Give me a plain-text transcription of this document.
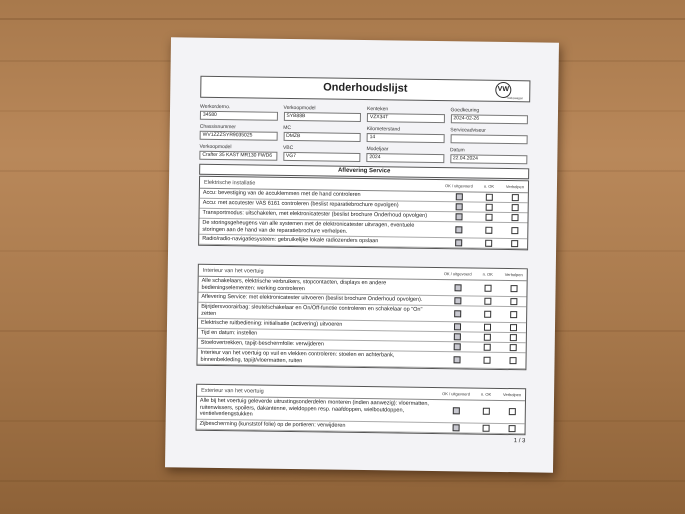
Onderhoudslijst	VW
Volkswagen
Werkorderno.
34580
Verkoopmodel
SYB88B
Kenteken
VZX34T
Goedkeuring
2024-02-26
Chassisnummer
WV1ZZZSYR9035025
MC
DMZB
Kilometerstand
14
Serviceadviseur
Verkoopmodel
Crafter 35 KAST MR130 FWD6
VBC
VG7
Modeljaar
2024
Datum
22.04.2024
Aflevering Service
Elektrische installatie	OK / uitgevoerd	n. OK	Verholpen
Accu: bevestiging van de accuklemmen met de hand controleren
Accu: met accutester VAS 6161 controleren (beslist reparatiebrochure opvolgen)
Transportmodus: uitschakelen, met elektronicatester (beslist brochure Onderhoud opvolgen)
De storingsgeheugens van alle systemen met de elektronicatester uitvragen, eventuele storingen aan de hand van de reparatiebrochure verhelpen.
Radio/radio-navigatiesysteem: gebruikelijke lokale radiozenders opslaan
Interieur van het voertuig	OK / uitgevoerd	n. OK	Verholpen
Alle schakelaars, elektrische verbruikers, stopcontacten, displays en andere bedieningselementen: werking controleren
Aflevering Service: met elektronicatester uitvoeren (beslist brochure Onderhoud opvolgen).
Bijrijdersvoorairbag: sleutelschakelaar en On/Off-functie controleren en schakelaar op "On" zetten
Elektrische ruitbediening: initialisatie (activering) uitvoeren
Tijd en datum: instellen
Stoelovertrekken, tapijt-beschermfolie: verwijderen
Interieur van het voertuig op vuil en vlekken controleren: stoelen en achterbank, binnenbekleding, tapijt/vloermatten, ruiten
Exterieur van het voertuig	OK / uitgevoerd	n. OK	Verholpen
Alle bij het voertuig geleverde uitrustingsonderdelen monteren (indien aanwezig): vloermatten, ruitenwissers, spoilers, dakantenne, wieldoppen resp. naafdoppen, wielboutdoppen, ventielverlengstukken
Zijbescherming (kunststof folie) op de portieren: verwijderen
1 / 3
